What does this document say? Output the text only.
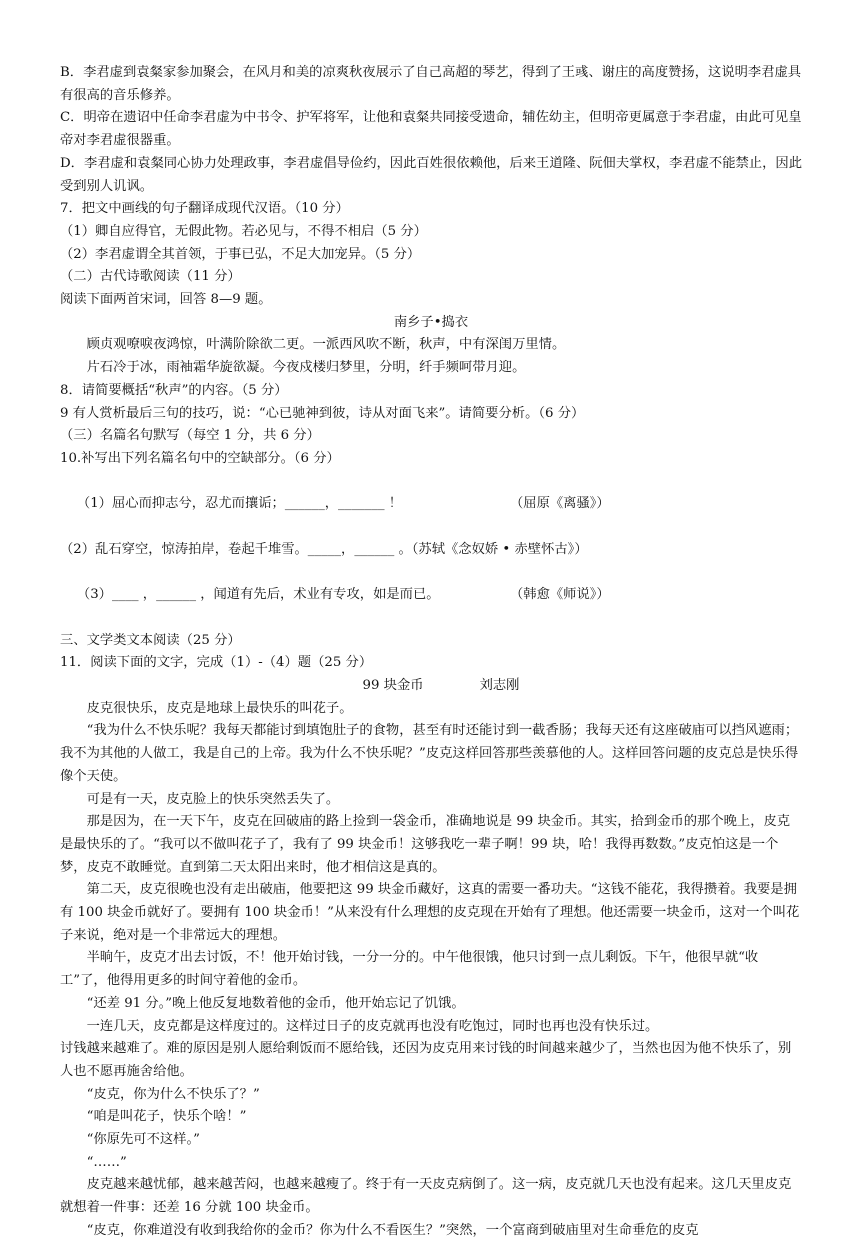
B．李君虚到袁粲家参加聚会，在风月和美的凉爽秋夜展示了自己高超的琴艺，得到了王彧、谢庄的高度赞扬，这说明李君虚具有很高的音乐修养。

C．明帝在遗诏中任命李君虚为中书令、护军将军，让他和袁粲共同接受遗命，辅佐幼主，但明帝更属意于李君虚，由此可见皇帝对李君虚很器重。

D．李君虚和袁粲同心协力处理政事，李君虚倡导俭约，因此百姓很依赖他，后来王道隆、阮佃夫掌权，李君虚不能禁止，因此受到别人讥讽。

7．把文中画线的句子翻译成现代汉语。（10 分）

（1）卿自应得官，无假此物。若必见与，不得不相启（5 分）

（2）李君虚谓全其首领，于事已弘，不足大加宠异。（5 分）

（二）古代诗歌阅读（11 分）

阅读下面两首宋词，回答 8—9 题。

南乡子•捣衣

顾贞观嘹唳夜鸿惊，叶满阶除欲二更。一派西风吹不断，秋声，中有深闺万里情。

片石冷于冰，雨袖霜华旋欲凝。今夜戍楼归梦里，分明，纤手频呵带月迎。

8．请简要概括“秋声”的内容。（5 分）

9 有人赏析最后三句的技巧，说：“心已驰神到彼，诗从对面飞来”。请简要分析。（6 分）

（三）名篇名句默写（每空 1 分，共 6 分）

10.补写出下列名篇名句中的空缺部分。（6 分）

（1）屈心而抑志兮，忍尤而攘诟；______，_______ ！	（屈原《离骚》）

（2）乱石穿空，惊涛拍岸，卷起千堆雪。_____，______ 。（苏轼《念奴娇 • 赤壁怀古》）

（3）____ ，______ ，闻道有先后，术业有专攻，如是而已。	（韩愈《师说》）

三、文学类文本阅读（25 分）

11．阅读下面的文字，完成（1）-（4）题（25 分）

99 块金币	刘志刚

皮克很快乐，皮克是地球上最快乐的叫花子。

“我为什么不快乐呢？我每天都能讨到填饱肚子的食物，甚至有时还能讨到一截香肠；我每天还有这座破庙可以挡风遮雨；我不为其他的人做工，我是自己的上帝。我为什么不快乐呢？”皮克这样回答那些羡慕他的人。这样回答问题的皮克总是快乐得像个天使。

可是有一天，皮克脸上的快乐突然丢失了。

那是因为，在一天下午，皮克在回破庙的路上捡到一袋金币，准确地说是 99 块金币。其实，拾到金币的那个晚上，皮克是最快乐的了。“我可以不做叫花子了，我有了 99 块金币！这够我吃一辈子啊！99 块，哈！我得再数数。”皮克怕这是一个梦，皮克不敢睡觉。直到第二天太阳出来时，他才相信这是真的。

第二天，皮克很晚也没有走出破庙，他要把这 99 块金币藏好，这真的需要一番功夫。“这钱不能花，我得攒着。我要是拥有 100 块金币就好了。要拥有 100 块金币！”从来没有什么理想的皮克现在开始有了理想。他还需要一块金币，这对一个叫花子来说，绝对是一个非常远大的理想。

半晌午，皮克才出去讨饭，不！他开始讨钱，一分一分的。中午他很饿，他只讨到一点儿剩饭。下午，他很早就“收工”了，他得用更多的时间守着他的金币。

“还差 91 分。”晚上他反复地数着他的金币，他开始忘记了饥饿。

一连几天，皮克都是这样度过的。这样过日子的皮克就再也没有吃饱过，同时也再也没有快乐过。

讨钱越来越难了。难的原因是别人愿给剩饭而不愿给钱，还因为皮克用来讨钱的时间越来越少了，当然也因为他不快乐了，别人也不愿再施舍给他。

“皮克，你为什么不快乐了？”

“咱是叫花子，快乐个啥！”

“你原先可不这样。”

“……”

皮克越来越忧郁，越来越苦闷，也越来越瘦了。终于有一天皮克病倒了。这一病，皮克就几天也没有起来。这几天里皮克就想着一件事：还差 16 分就 100 块金币。

“皮克，你难道没有收到我给你的金币？你为什么不看医生？”突然，一个富商到破庙里对生命垂危的皮克
